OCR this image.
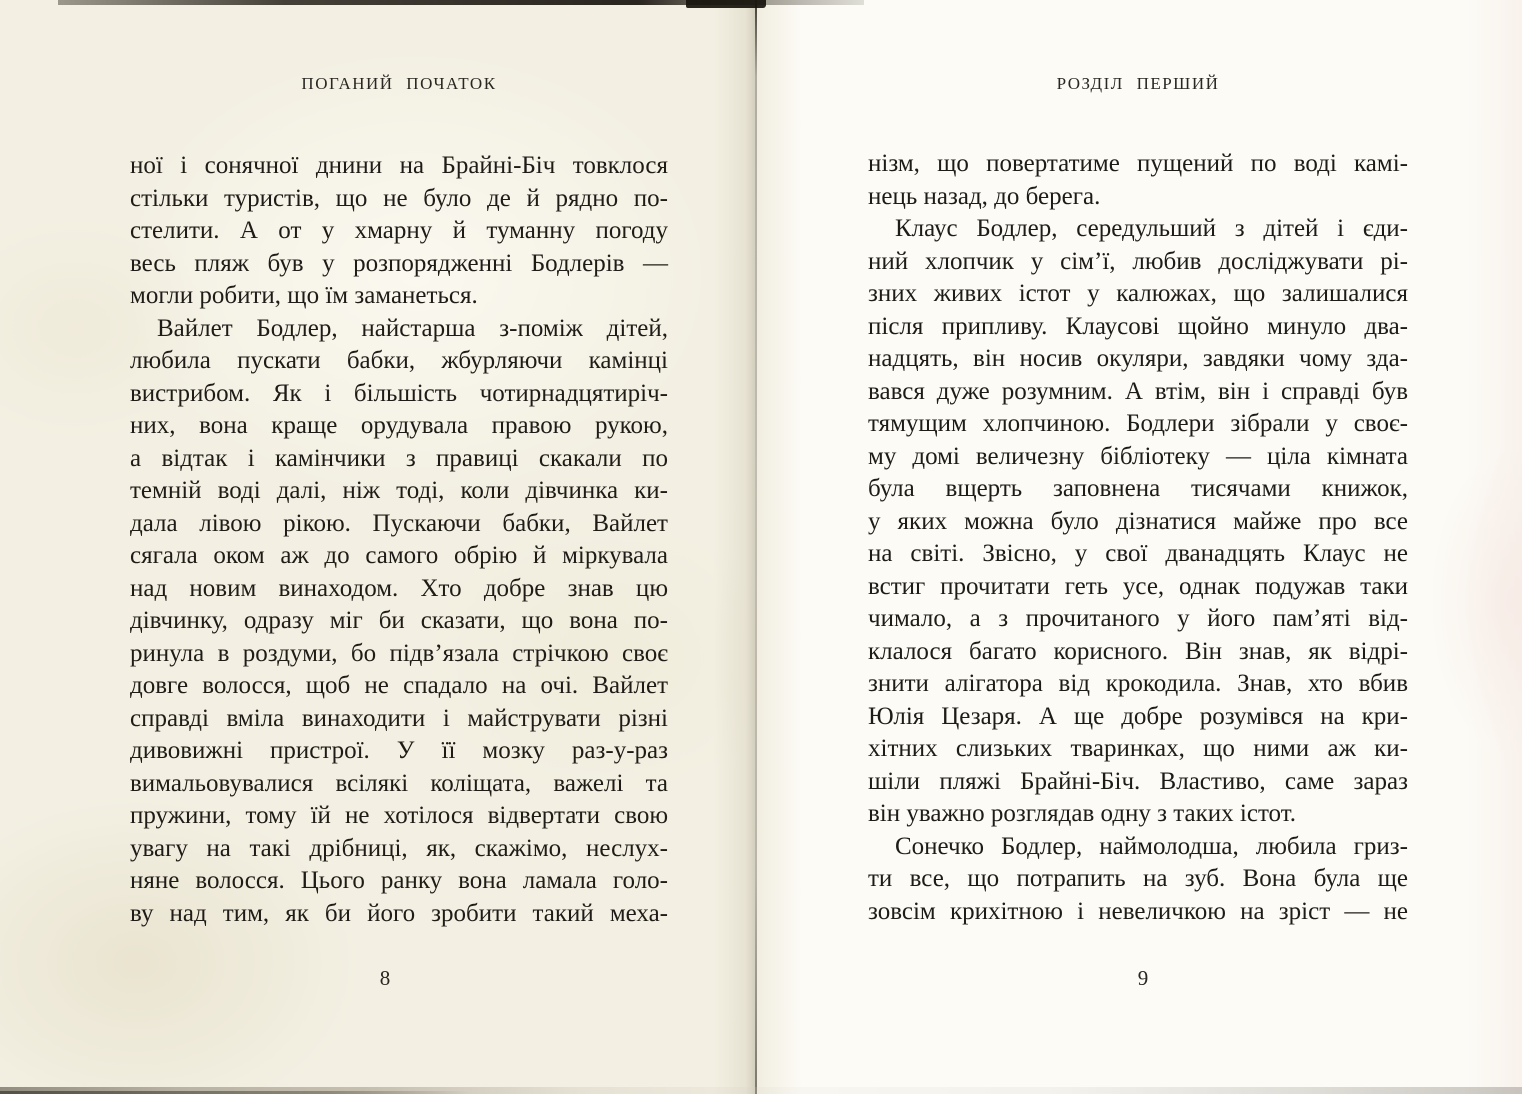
ПОГАНИЙ ПОЧАТОК	РОЗДІЛ ПЕРШИЙ
ної і сонячної днини на Брайні-Біч товклося
стільки туристів, що не було де й рядно по-
стелити. А от у хмарну й туманну погоду
весь пляж був у розпорядженні Бодлерів —
могли робити, що їм заманеться.
Вайлет Бодлер, найстарша з-поміж дітей,
любила пускати бабки, жбурляючи камінці
вистрибом. Як і більшість чотирнадцятиріч-
них, вона краще орудувала правою рукою,
а відтак і камінчики з правиці скакали по
темній воді далі, ніж тоді, коли дівчинка ки-
дала лівою рікою. Пускаючи бабки, Вайлет
сягала оком аж до самого обрію й міркувала
над новим винаходом. Хто добре знав цю
дівчинку, одразу міг би сказати, що вона по-
ринула в роздуми, бо підв’язала стрічкою своє
довге волосся, щоб не спадало на очі. Вайлет
справді вміла винаходити і майструвати різні
дивовижні пристрої. У її мозку раз-у-раз
вимальовувалися всілякі коліщата, важелі та
пружини, тому їй не хотілося відвертати свою
увагу на такі дрібниці, як, скажімо, неслух-
няне волосся. Цього ранку вона ламала голо-
ву над тим, як би його зробити такий меха-
нізм, що повертатиме пущений по воді камі-
нець назад, до берега.
Клаус Бодлер, середульший з дітей і єди-
ний хлопчик у сім’ї, любив досліджувати рі-
зних живих істот у калюжах, що залишалися
після припливу. Клаусові щойно минуло два-
надцять, він носив окуляри, завдяки чому зда-
вався дуже розумним. А втім, він і справді був
тямущим хлопчиною. Бодлери зібрали у своє-
му домі величезну бібліотеку — ціла кімната
була вщерть заповнена тисячами книжок,
у яких можна було дізнатися майже про все
на світі. Звісно, у свої дванадцять Клаус не
встиг прочитати геть усе, однак подужав таки
чимало, а з прочитаного у його пам’яті від-
клалося багато корисного. Він знав, як відрі-
знити алігатора від крокодила. Знав, хто вбив
Юлія Цезаря. А ще добре розумівся на кри-
хітних слизьких тваринках, що ними аж ки-
шіли пляжі Брайні-Біч. Властиво, саме зараз
він уважно розглядав одну з таких істот.
Сонечко Бодлер, наймолодша, любила гриз-
ти все, що потрапить на зуб. Вона була ще
зовсім крихітною і невеличкою на зріст — не
8	9
